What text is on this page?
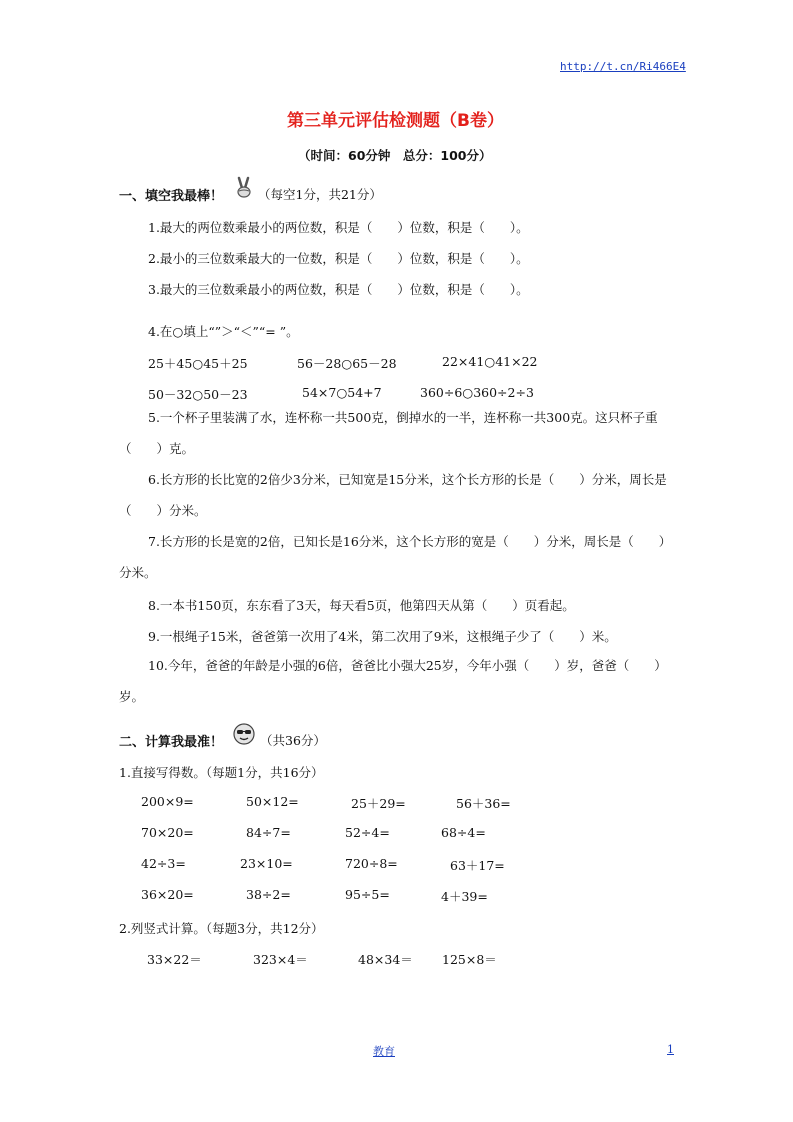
http://t.cn/Ri466E4
第三单元评估检测题（B卷）
（时间：60分钟　总分：100分）
一、填空我最棒！	（每空1分，共21分）
1.最大的两位数乘最小的两位数，积是（　　）位数，积是（　　）。
2.最小的三位数乘最大的一位数，积是（　　）位数，积是（　　）。
3.最大的三位数乘最小的两位数，积是（　　）位数，积是（　　）。
4.在○填上“”＞“＜”“= ”。
25＋45○45＋25	56－28○65－28	22×41○41×22
50－32○50－23	54×7○54+7	360÷6○360÷2÷3
5.一个杯子里装满了水，连杯称一共500克，倒掉水的一半，连杯称一共300克。这只杯子重（　　）克。
6.长方形的长比宽的2倍少3分米，已知宽是15分米，这个长方形的长是（　　）分米，周长是（　　）分米。
7.长方形的长是宽的2倍，已知长是16分米，这个长方形的宽是（　　）分米，周长是（　　）分米。
8.一本书150页，东东看了3天，每天看5页，他第四天从第（　　）页看起。
9.一根绳子15米，爸爸第一次用了4米，第二次用了9米，这根绳子少了（　　）米。
10.今年，爸爸的年龄是小强的6倍，爸爸比小强大25岁，今年小强（　　）岁，爸爸（　　）岁。
二、计算我最准！	（共36分）
1.直接写得数。（每题1分，共16分）
200×9=	50×12=	25＋29=	56＋36=
70×20=	84÷7=	52÷4=	68÷4=
42÷3=	23×10=	720÷8=	63＋17=
36×20=	38÷2=	95÷5=	4＋39=
2.列竖式计算。（每题3分，共12分）
33×22＝	323×4＝	48×34＝ 125×8＝
教育	1
